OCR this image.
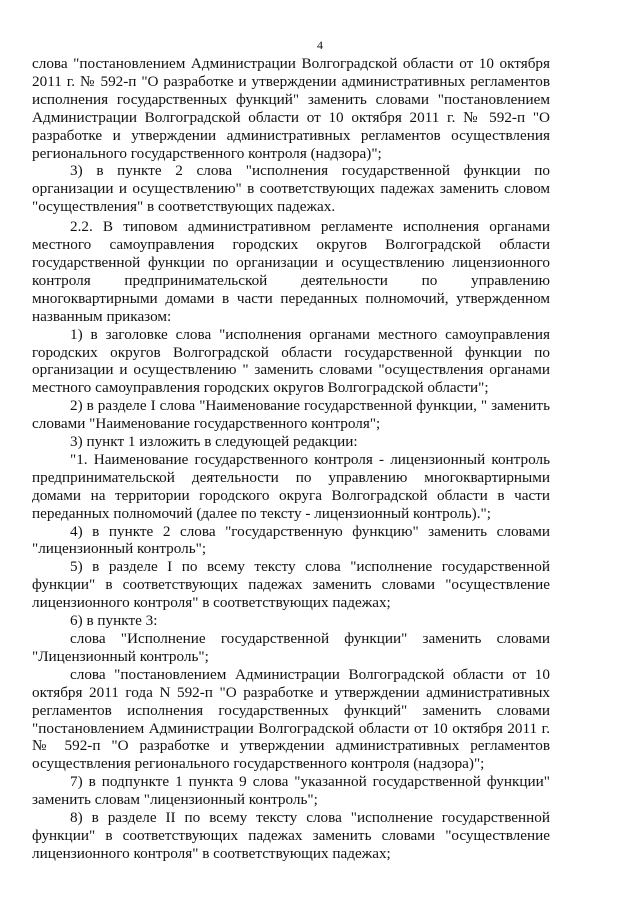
4

слова "постановлением Администрации Волгоградской области от 10 октября 2011 г. № 592-п "О разработке и утверждении административных регламентов исполнения государственных функций" заменить словами "постановлением Администрации Волгоградской области от 10 октября 2011 г. № 592-п "О разработке и утверждении административных регламентов осуществления регионального государственного контроля (надзора)";

3) в пункте 2 слова "исполнения государственной функции по организации и осуществлению" в соответствующих падежах заменить словом "осуществления" в соответствующих падежах.

2.2. В типовом административном регламенте исполнения органами местного самоуправления городских округов Волгоградской области государственной функции по организации и осуществлению лицензионного контроля предпринимательской деятельности по управлению многоквартирными домами в части переданных полномочий, утвержденном названным приказом:

1) в заголовке слова "исполнения органами местного самоуправления городских округов Волгоградской области государственной функции по организации и осуществлению " заменить словами "осуществления органами местного самоуправления городских округов Волгоградской области";

2) в разделе I слова "Наименование государственной функции, " заменить словами "Наименование государственного контроля";

3) пункт 1 изложить в следующей редакции:

"1. Наименование государственного контроля - лицензионный контроль предпринимательской деятельности по управлению многоквартирными домами на территории городского округа Волгоградской области в части переданных полномочий (далее по тексту - лицензионный контроль).";

4) в пункте 2 слова "государственную функцию" заменить словами "лицензионный контроль";

5) в разделе I по всему тексту слова "исполнение государственной функции" в соответствующих падежах заменить словами "осуществление лицензионного контроля" в соответствующих падежах;

6) в пункте 3:

слова "Исполнение государственной функции" заменить словами "Лицензионный контроль";

слова "постановлением Администрации Волгоградской области от 10 октября 2011 года N 592-п "О разработке и утверждении административных регламентов исполнения государственных функций" заменить словами "постановлением Администрации Волгоградской области от 10 октября 2011 г. № 592-п "О разработке и утверждении административных регламентов осуществления регионального государственного контроля (надзора)";

7) в подпункте 1 пункта 9 слова "указанной государственной функции" заменить словам "лицензионный контроль";

8) в разделе II по всему тексту слова "исполнение государственной функции" в соответствующих падежах заменить словами "осуществление лицензионного контроля" в соответствующих падежах;
